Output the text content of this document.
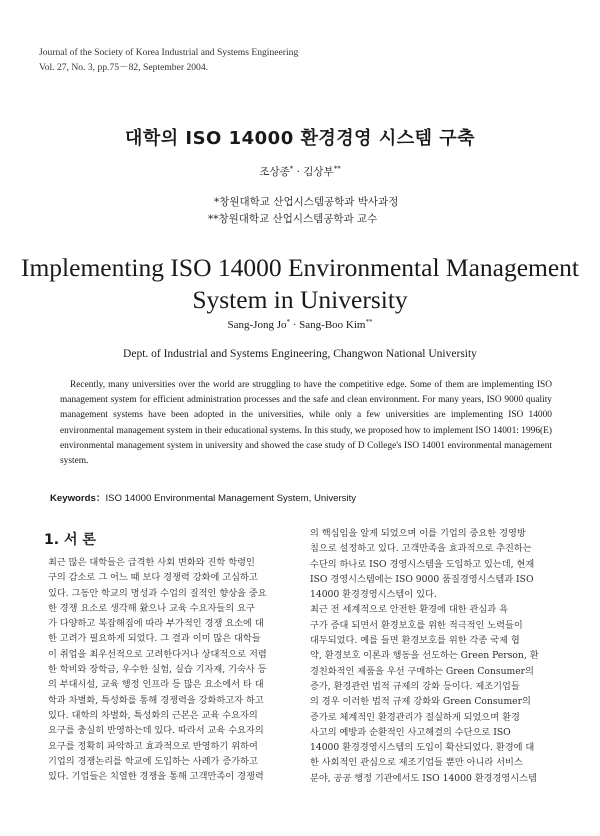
Journal of the Society of Korea Industrial and Systems Engineering
Vol. 27, No. 3, pp.75－82, September 2004.
대학의 ISO 14000 환경경영 시스템 구축
조상종* · 김상부**
*창원대학교 산업시스템공학과 박사과정
**창원대학교 산업시스템공학과 교수
Implementing ISO 14000 Environmental Management
System in University
Sang-Jong Jo* · Sang-Boo Kim**
Dept. of Industrial and Systems Engineering, Changwon National University
Recently, many universities over the world are struggling to have the competitive edge. Some of them are implementing ISO management system for efficient administration processes and the safe and clean environment. For many years, ISO 9000 quality management systems have been adopted in the universities, while only a few universities are implementing ISO 14000 environmental management system in their educational systems. In this study, we proposed how to implement ISO 14001: 1996(E) environmental management system in university and showed the case study of D College's ISO 14001 environmental management system.
Keywords：ISO 14000 Environmental Management System, University
1. 서 론
최근 많은 대학들은 급격한 사회 변화와 진학 학령인
구의 감소로 그 어느 때 보다 경쟁력 강화에 고심하고
있다. 그동안 학교의 명성과 수업의 질적인 향상을 중요
한 경쟁 요소로 생각해 왔으나 교육 수요자들의 요구
가 다양하고 복잡해짐에 따라 부가적인 경쟁 요소에 대
한 고려가 필요하게 되었다. 그 결과 이미 많은 대학들
이 취업을 최우선적으로 고려한다거나 상대적으로 저렴
한 학비와 장학금, 우수한 실험, 실습 기자재, 기숙사 등
의 부대시설, 교육 행정 인프라 등 많은 요소에서 타 대
학과 차별화, 특성화를 통해 경쟁력을 강화하고자 하고
있다. 대학의 차별화, 특성화의 근본은 교육 수요자의
요구를 충실히 반영하는데 있다. 따라서 교육 수요자의
요구를 정확히 파악하고 효과적으로 반영하기 위하여
기업의 경쟁논리를 학교에 도입하는 사례가 증가하고
있다. 기업들은 치열한 경쟁을 통해 고객만족이 경쟁력
의 핵심임을 알게 되었으며 이를 기업의 중요한 경영방
침으로 설정하고 있다. 고객만족을 효과적으로 추진하는
수단의 하나로 ISO 경영시스템을 도입하고 있는데, 현재
ISO 경영시스템에는 ISO 9000 품질경영시스템과 ISO
14000 환경경영시스템이 있다.
최근 전 세계적으로 안전한 환경에 대한 관심과 욕
구가 증대 되면서 환경보호를 위한 적극적인 노력들이
대두되었다. 예를 들면 환경보호를 위한 각종 국제 협
약, 환경보호 이론과 행동을 선도하는 Green Person, 환
경친화적인 제품을 우선 구매하는 Green Consumer의
증가, 환경관련 법적 규제의 강화 등이다. 제조기업들
의 경우 이러한 법적 규제 강화와 Green Consumer의
증가로 체계적인 환경관리가 절실하게 되었으며 환경
사고의 예방과 순환적인 사고해결의 수단으로 ISO
14000 환경경영시스템의 도입이 확산되었다. 환경에 대
한 사회적인 관심으로 제조기업들 뿐만 아니라 서비스
분야, 공공 행정 기관에서도 ISO 14000 환경경영시스템
